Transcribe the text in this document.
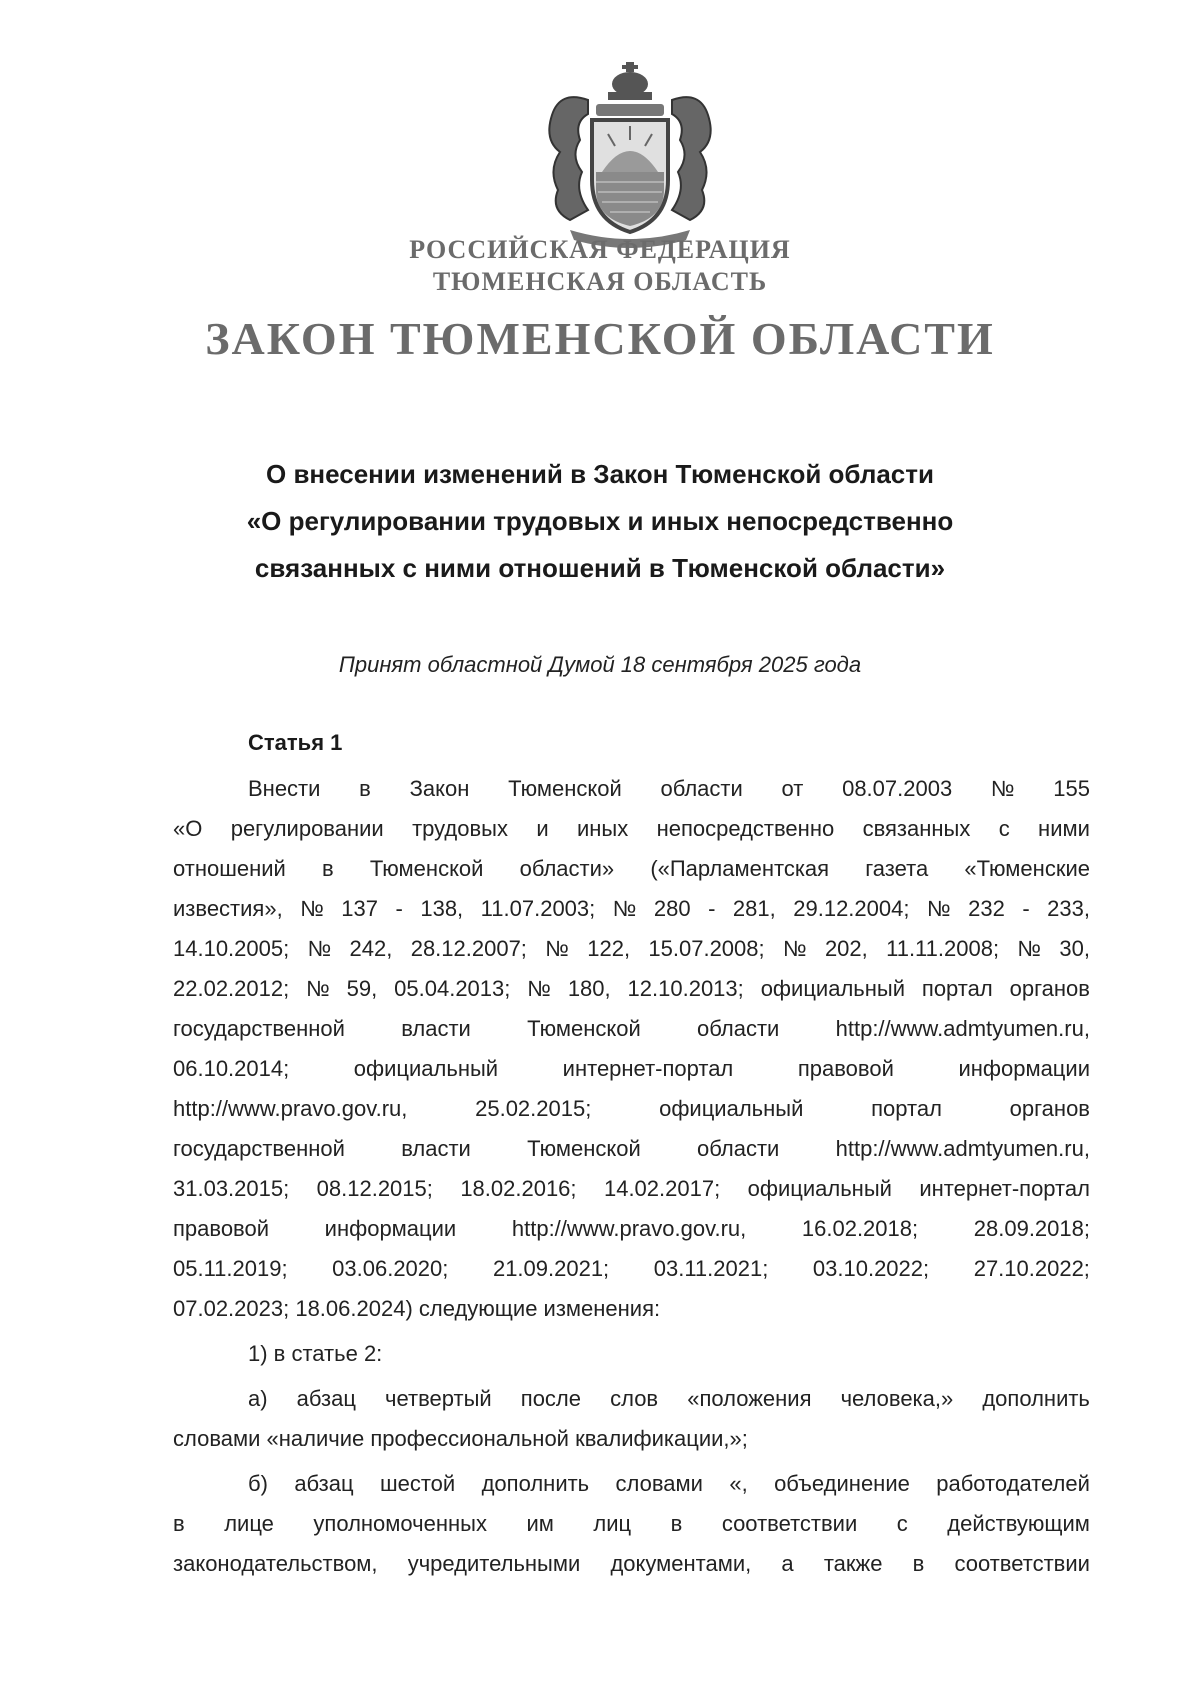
РОССИЙСКАЯ ФЕДЕРАЦИЯ
ТЮМЕНСКАЯ ОБЛАСТЬ
ЗАКОН ТЮМЕНСКОЙ ОБЛАСТИ
О внесении изменений в Закон Тюменской области
«О регулировании трудовых и иных непосредственно
связанных с ними отношений в Тюменской области»
Принят областной Думой 18 сентября 2025 года
Статья 1
Внести в Закон Тюменской области от 08.07.2003 № 155
«О регулировании трудовых и иных непосредственно связанных с ними
отношений в Тюменской области» («Парламентская газета «Тюменские
известия», № 137 - 138, 11.07.2003; № 280 - 281, 29.12.2004; № 232 - 233,
14.10.2005; № 242, 28.12.2007; № 122, 15.07.2008; № 202, 11.11.2008; № 30,
22.02.2012; № 59, 05.04.2013; № 180, 12.10.2013; официальный портал органов
государственной	власти	Тюменской	области	http://www.admtyumen.ru,
06.10.2014;	официальный	интернет-портал	правовой	информации
http://www.pravo.gov.ru,	25.02.2015;	официальный	портал	органов
государственной	власти	Тюменской	области	http://www.admtyumen.ru,
31.03.2015; 08.12.2015; 18.02.2016; 14.02.2017; официальный интернет-портал
правовой	информации	http://www.pravo.gov.ru,	16.02.2018;	28.09.2018;
05.11.2019; 03.06.2020; 21.09.2021; 03.11.2021; 03.10.2022; 27.10.2022;
07.02.2023; 18.06.2024) следующие изменения:
1) в статье 2:
а) абзац четвертый после слов «положения человека,» дополнить
словами «наличие профессиональной квалификации,»;
б) абзац шестой дополнить словами «, объединение работодателей
в лице уполномоченных им лиц в соответствии с действующим
законодательством, учредительными документами, а также в соответствии
